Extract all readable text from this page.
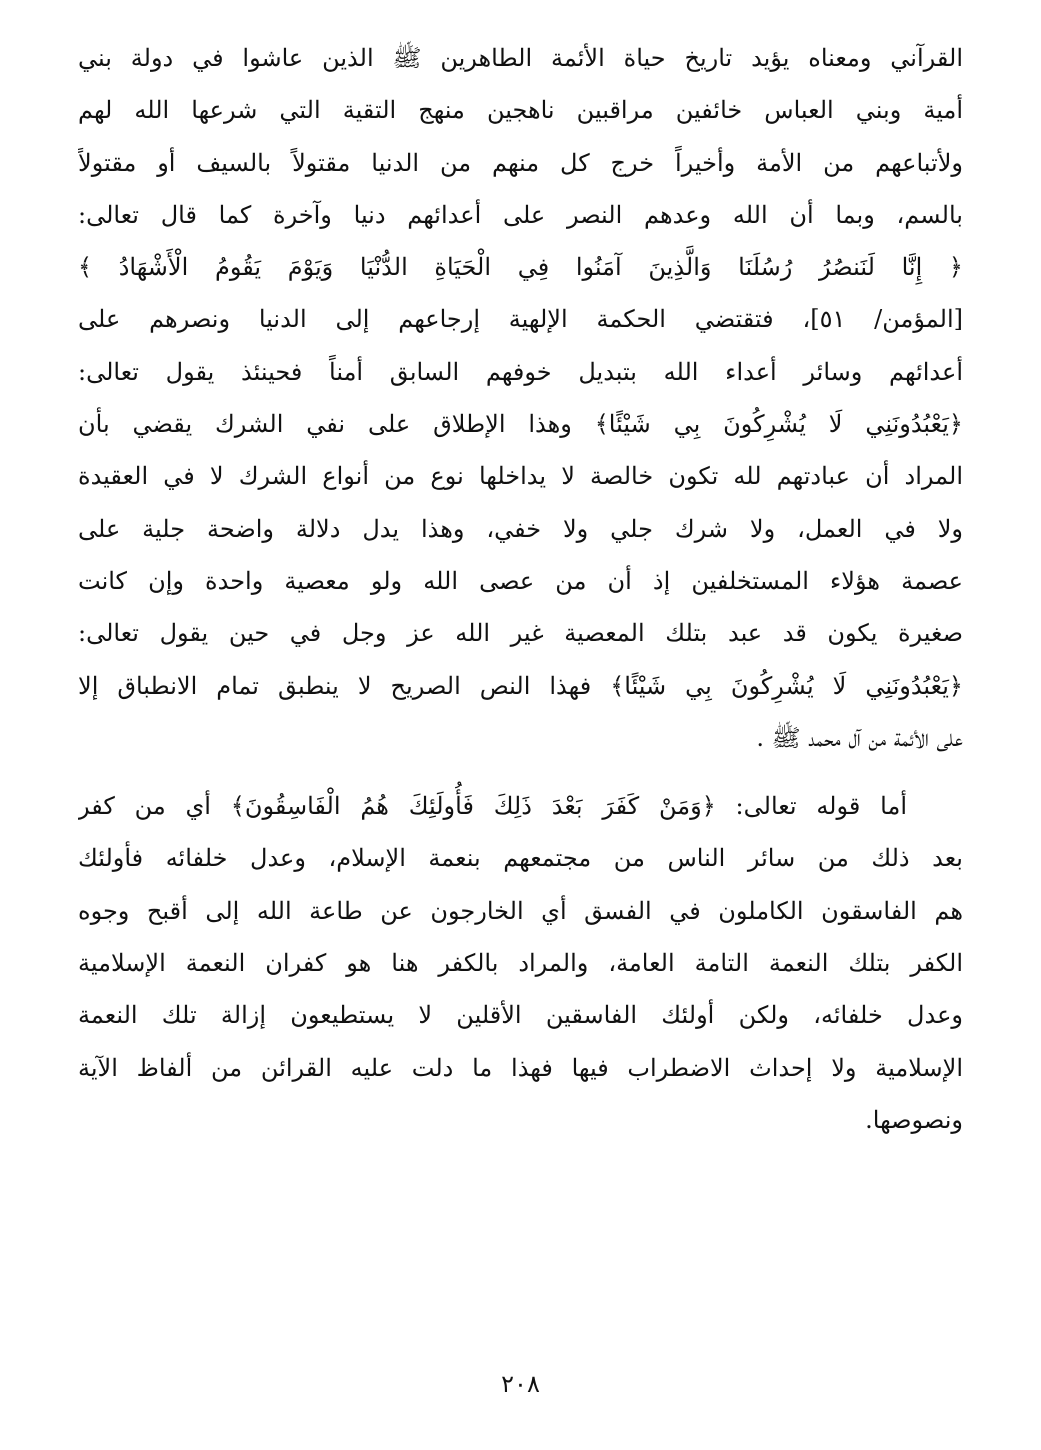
القرآني ومعناه يؤيد تاريخ حياة الأئمة الطاهرين ﷺ الذين عاشوا في دولة بني
أمية وبني العباس خائفين مراقبين ناهجين منهج التقية التي شرعها الله لهم
ولأتباعهم من الأمة وأخيراً خرج كل منهم من الدنيا مقتولاً بالسيف أو مقتولاً
بالسم، وبما أن الله وعدهم النصر على أعدائهم دنيا وآخرة كما قال تعالى:
﴿ إِنَّا لَنَنصُرُ رُسُلَنَا وَالَّذِينَ آمَنُوا فِي الْحَيَاةِ الدُّنْيَا وَيَوْمَ يَقُومُ الْأَشْهَادُ ﴾
[المؤمن/ ٥١]، فتقتضي الحكمة الإلهية إرجاعهم إلى الدنيا ونصرهم على
أعدائهم وسائر أعداء الله بتبديل خوفهم السابق أمناً فحينئذ يقول تعالى:
﴿يَعْبُدُونَنِي لَا يُشْرِكُونَ بِي شَيْئًا﴾ وهذا الإطلاق على نفي الشرك يقضي بأن
المراد أن عبادتهم لله تكون خالصة لا يداخلها نوع من أنواع الشرك لا في العقيدة
ولا في العمل، ولا شرك جلي ولا خفي، وهذا يدل دلالة واضحة جلية على
عصمة هؤلاء المستخلفين إذ أن من عصى الله ولو معصية واحدة وإن كانت
صغيرة يكون قد عبد بتلك المعصية غير الله عز وجل في حين يقول تعالى:
﴿يَعْبُدُونَنِي لَا يُشْرِكُونَ بِي شَيْئًا﴾ فهذا النص الصريح لا ينطبق تمام الانطباق إلا
على الأئمة من آل محمد ﷺ .
أما قوله تعالى: ﴿وَمَنْ كَفَرَ بَعْدَ ذَلِكَ فَأُولَئِكَ هُمُ الْفَاسِقُونَ﴾ أي من كفر
بعد ذلك من سائر الناس من مجتمعهم بنعمة الإسلام، وعدل خلفائه فأولئك
هم الفاسقون الكاملون في الفسق أي الخارجون عن طاعة الله إلى أقبح وجوه
الكفر بتلك النعمة التامة العامة، والمراد بالكفر هنا هو كفران النعمة الإسلامية
وعدل خلفائه، ولكن أولئك الفاسقين الأقلين لا يستطيعون إزالة تلك النعمة
الإسلامية ولا إحداث الاضطراب فيها فهذا ما دلت عليه القرائن من ألفاظ الآية
ونصوصها.
٢٠٨
